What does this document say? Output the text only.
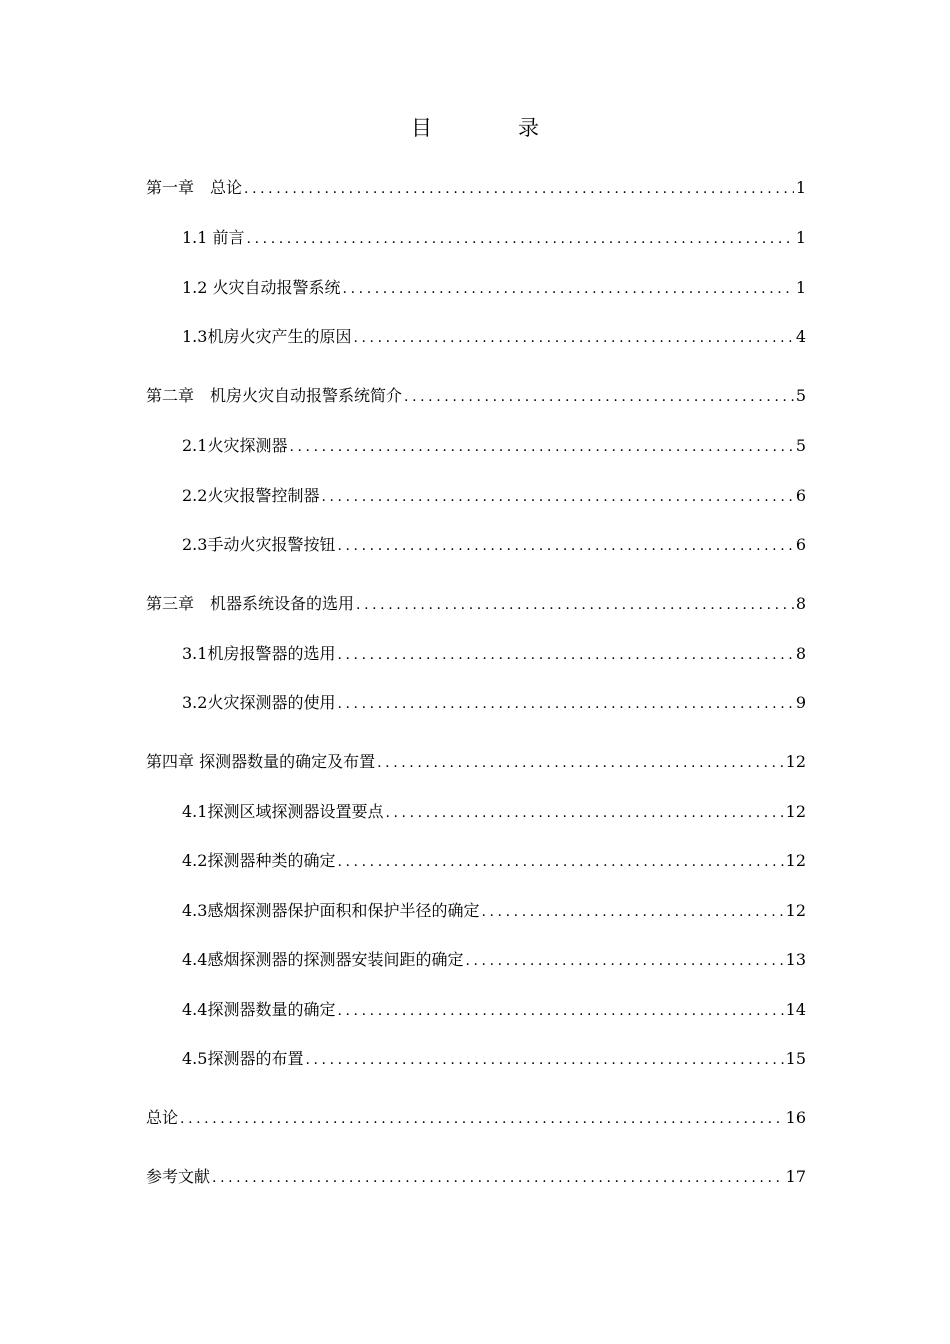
目	录
第一章　总论 .....	1
1.1 前言 .....	1
1.2 火灾自动报警系统 .....	1
1.3机房火灾产生的原因 .....	4
第二章　机房火灾自动报警系统简介 .....	5
2.1火灾探测器 .....	5
2.2火灾报警控制器 .....	6
2.3手动火灾报警按钮 .....	6
第三章　机器系统设备的选用 .....	8
3.1机房报警器的选用 .....	8
3.2火灾探测器的使用 .....	9
第四章 探测器数量的确定及布置 .....	12
4.1探测区域探测器设置要点 .....	12
4.2探测器种类的确定 .....	12
4.3感烟探测器保护面积和保护半径的确定 .....	12
4.4感烟探测器的探测器安装间距的确定 .....	13
4.4探测器数量的确定 .....	14
4.5探测器的布置 .....	15
总论 .....	16
参考文献 .....	17
